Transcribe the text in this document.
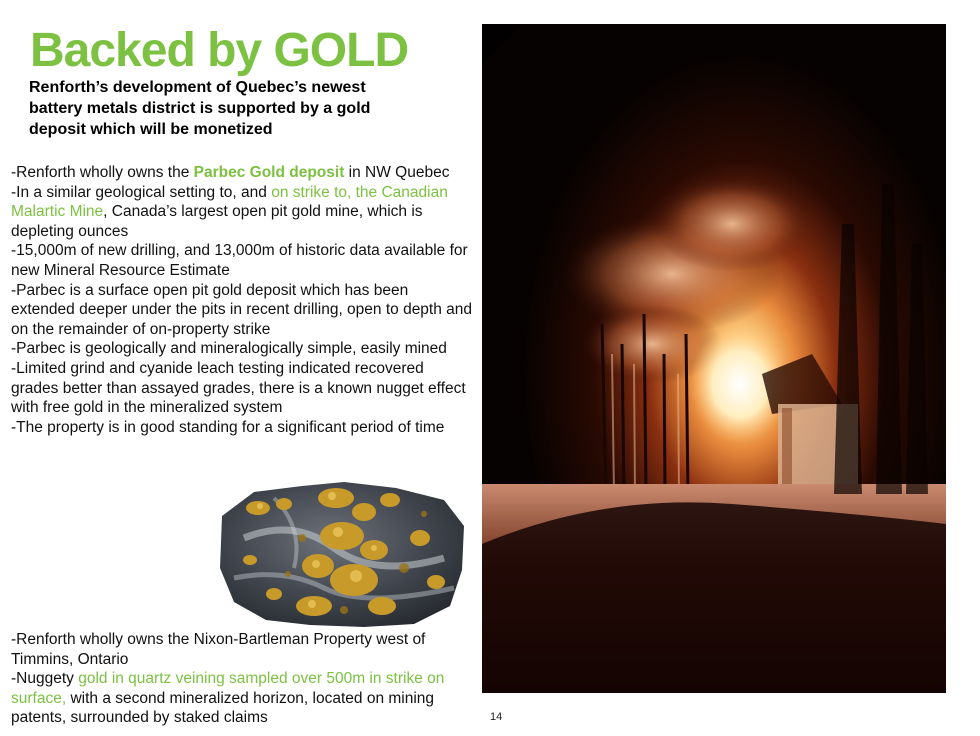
Backed by GOLD

Renforth’s development of Quebec’s newest battery metals district is supported by a gold deposit which will be monetized

-Renforth wholly owns the Parbec Gold deposit in NW Quebec

-In a similar geological setting to, and on strike to, the Canadian Malartic Mine, Canada’s largest open pit gold mine, which is depleting ounces

-15,000m of new drilling, and 13,000m of historic data available for new Mineral Resource Estimate

-Parbec is a surface open pit gold deposit which has been extended deeper under the pits in recent drilling, open to depth and on the remainder of on-property strike

-Parbec is geologically and mineralogically simple, easily mined

-Limited grind and cyanide leach testing indicated recovered grades better than assayed grades, there is a known nugget effect with free gold in the mineralized system

-The property is in good standing for a significant period of time

-Renforth wholly owns the Nixon-Bartleman Property west of Timmins, Ontario

-Nuggety gold in quartz veining sampled over 500m in strike on surface, with a second mineralized horizon, located on mining patents, surrounded by staked claims	14
